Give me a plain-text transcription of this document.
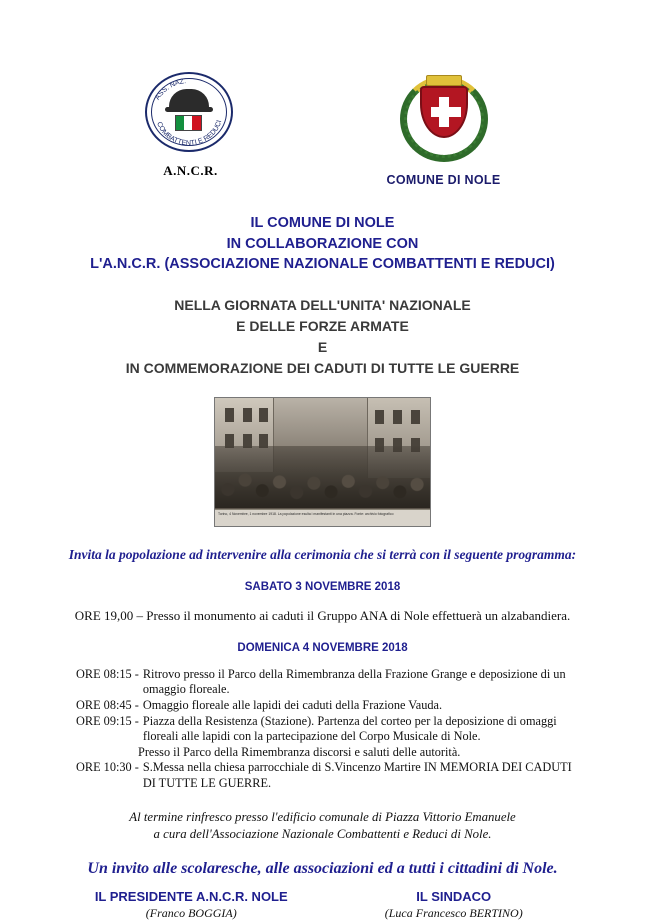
ASS. NAZ.
COMBATTENTI E REDUCI
A.N.C.R.
COMUNE DI NOLE
IL COMUNE DI NOLE
IN COLLABORAZIONE CON
L'A.N.C.R. (ASSOCIAZIONE NAZIONALE COMBATTENTI E REDUCI)
NELLA GIORNATA DELL'UNITA' NAZIONALE
E DELLE FORZE ARMATE
E
IN COMMEMORAZIONE DEI CADUTI DI TUTTE LE GUERRE
Torino, 4 Novembre, 1 novembre 1918. La popolazione esulta i manifestanti in una piazza. Fonte: archivio fotografico
Invita la popolazione ad intervenire alla cerimonia che si terrà con il seguente programma:
SABATO 3 NOVEMBRE 2018
ORE 19,00 – Presso il monumento ai caduti il Gruppo ANA di Nole effettuerà un alzabandiera.
DOMENICA 4 NOVEMBRE 2018
ORE 08:15 - Ritrovo presso il Parco della Rimembranza della Frazione Grange e deposizione di un omaggio floreale.
ORE 08:45 - Omaggio floreale alle lapidi dei caduti della Frazione Vauda.
ORE 09:15 - Piazza della Resistenza (Stazione). Partenza del corteo per la deposizione di omaggi floreali alle lapidi con la partecipazione del Corpo Musicale di Nole.
Presso il Parco della Rimembranza discorsi e saluti delle autorità.
ORE 10:30 - S.Messa nella chiesa parrocchiale di S.Vincenzo Martire IN MEMORIA DEI CADUTI DI TUTTE LE GUERRE.
Al termine rinfresco presso l'edificio comunale di Piazza Vittorio Emanuele
a cura dell'Associazione Nazionale Combattenti e Reduci di Nole.
Un invito alle scolaresche, alle associazioni ed a tutti i cittadini di Nole.
IL PRESIDENTE A.N.C.R. NOLE
(Franco BOGGIA)
IL SINDACO
(Luca Francesco BERTINO)
